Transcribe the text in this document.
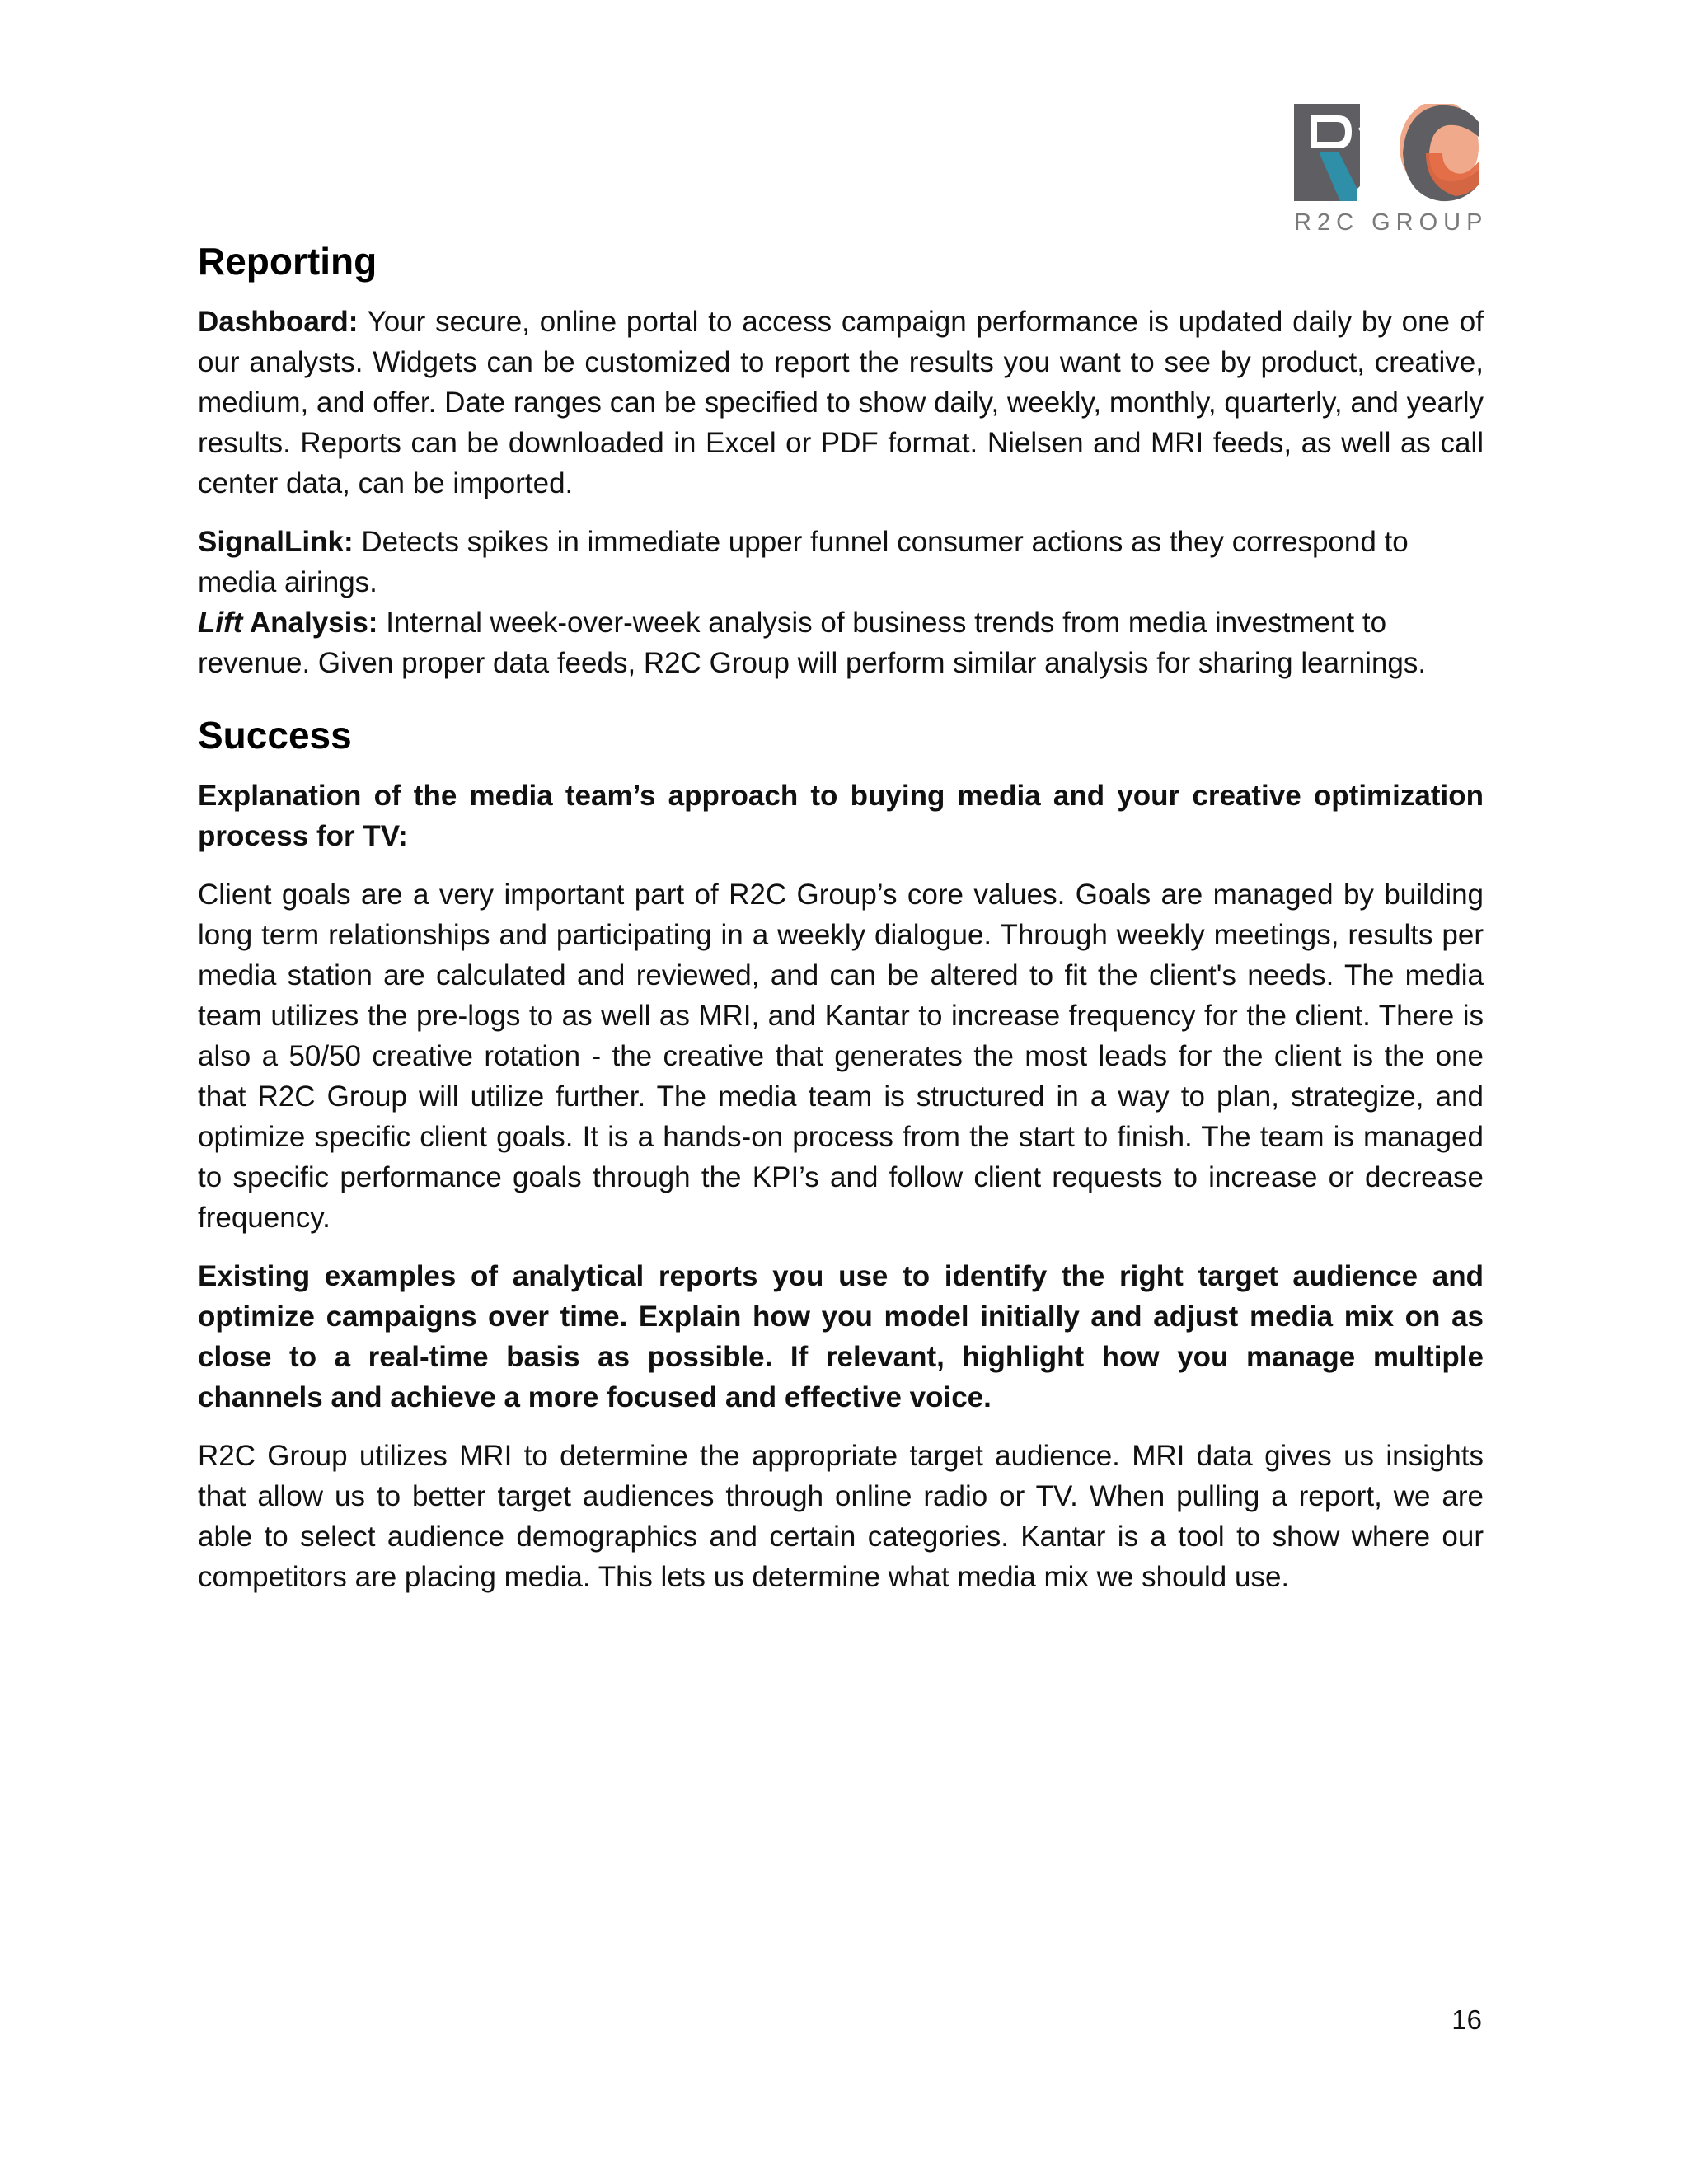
R2C GROUP
Reporting

Dashboard: Your secure, online portal to access campaign performance is updated daily by one of our analysts. Widgets can be customized to report the results you want to see by product, creative, medium, and offer. Date ranges can be specified to show daily, weekly, monthly, quarterly, and yearly results. Reports can be downloaded in Excel or PDF format. Nielsen and MRI feeds, as well as call center data, can be imported.

SignalLink: Detects spikes in immediate upper funnel consumer actions as they correspond to media airings.

Lift Analysis: Internal week-over-week analysis of business trends from media investment to revenue. Given proper data feeds, R2C Group will perform similar analysis for sharing learnings.

Success

Explanation of the media team’s approach to buying media and your creative optimization process for TV:

Client goals are a very important part of R2C Group’s core values. Goals are managed by building long term relationships and participating in a weekly dialogue. Through weekly meetings, results per media station are calculated and reviewed, and can be altered to fit the client's needs. The media team utilizes the pre-logs to as well as MRI, and Kantar to increase frequency for the client. There is also a 50/50 creative rotation - the creative that generates the most leads for the client is the one that R2C Group will utilize further. The media team is structured in a way to plan, strategize, and optimize specific client goals. It is a hands-on process from the start to finish. The team is managed to specific performance goals through the KPI’s and follow client requests to increase or decrease frequency.

Existing examples of analytical reports you use to identify the right target audience and optimize campaigns over time. Explain how you model initially and adjust media mix on as close to a real-time basis as possible. If relevant, highlight how you manage multiple channels and achieve a more focused and effective voice.

R2C Group utilizes MRI to determine the appropriate target audience. MRI data gives us insights that allow us to better target audiences through online radio or TV. When pulling a report, we are able to select audience demographics and certain categories. Kantar is a tool to show where our competitors are placing media. This lets us determine what media mix we should use.

16
